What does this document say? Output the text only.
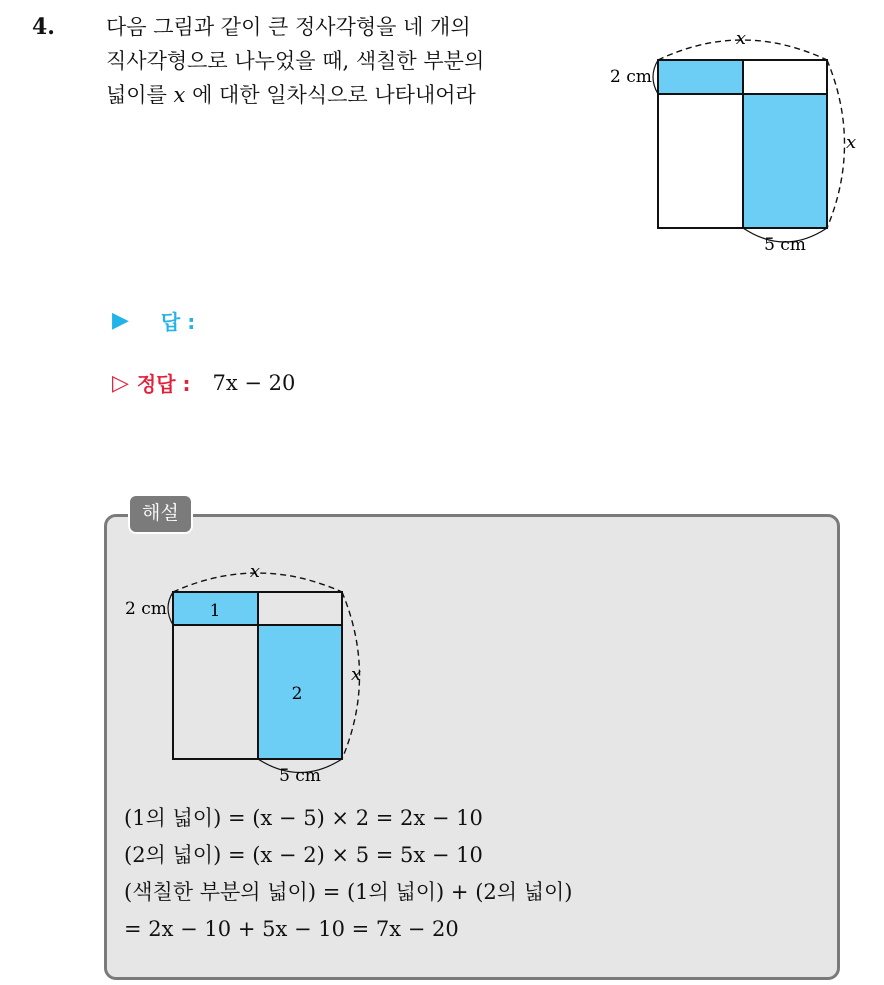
4. 다음 그림과 같이 큰 정사각형을 네 개의
직사각형으로 나누었을 때, 색칠한 부분의
넓이를 x 에 대한 일차식으로 나타내어라
x
2 cm
x
5 cm
▶ 답 :
▷ 정답 : 7x − 20
해설
x
2 cm
x
5 cm
1
2
(1의 넓이) = (x − 5) × 2 = 2x − 10
(2의 넓이) = (x − 2) × 5 = 5x − 10
(색칠한 부분의 넓이) = (1의 넓이) + (2의 넓이)
= 2x − 10 + 5x − 10 = 7x − 20
